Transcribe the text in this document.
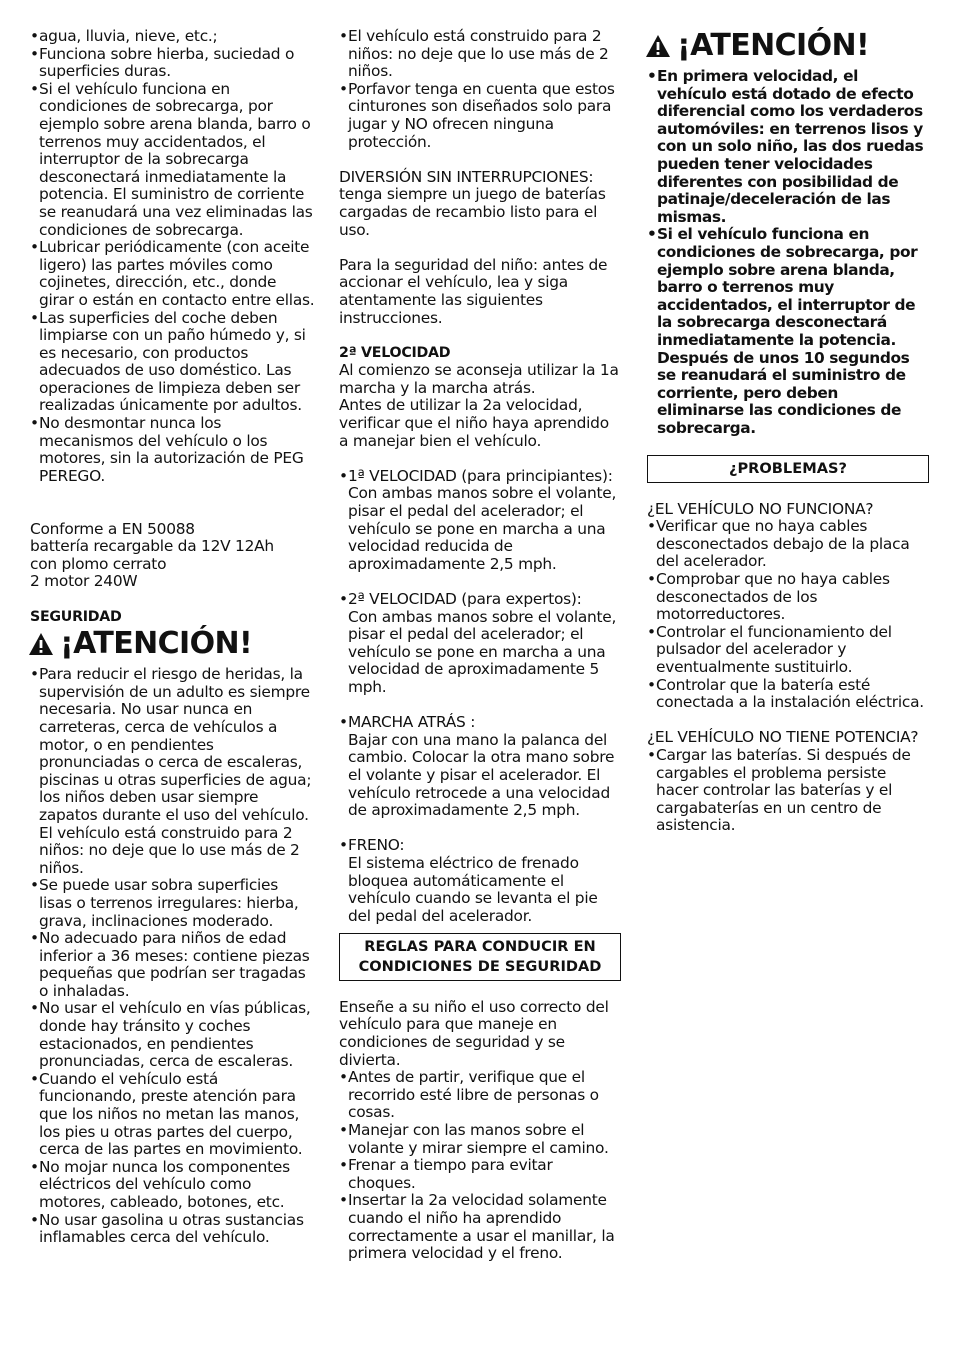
• agua, lluvia, nieve, etc.;
• Funciona sobre hierba, suciedad o superficies duras.
• Si el vehículo funciona en condiciones de sobrecarga, por ejemplo sobre arena blanda, barro o terrenos muy accidentados, el interruptor de la sobrecarga desconectará inmediatamente la potencia. El suministro de corriente se reanudará una vez eliminadas las condiciones de sobrecarga.
• Lubricar periódicamente (con aceite ligero) las partes móviles como cojinetes, dirección, etc., donde girar o están en contacto entre ellas.
• Las superficies del coche deben limpiarse con un paño húmedo y, si es necesario, con productos adecuados de uso doméstico. Las operaciones de limpieza deben ser realizadas únicamente por adultos.
• No desmontar nunca los mecanismos del vehículo o los motores, sin la autorización de PEG PEREGO.

Conforme a EN 50088

battería recargable da 12V 12Ah

con plomo cerrato

2 motor 240W

SEGURIDAD

¡ATENCIÓN!
• Para reducir el riesgo de heridas, la supervisión de un adulto es siempre necesaria. No usar nunca en carreteras, cerca de vehículos a motor, o en pendientes pronunciadas o cerca de escaleras, piscinas u otras superficies de agua; los niños deben usar siempre zapatos durante el uso del vehículo. El vehículo está construido para 2 niños: no deje que lo use más de 2 niños.
• Se puede usar sobra superficies lisas o terrenos irregulares: hierba, grava, inclinaciones moderado.
• No adecuado para niños de edad inferior a 36 meses: contiene piezas pequeñas que podrían ser tragadas o inhaladas.
• No usar el vehículo en vías públicas, donde hay tránsito y coches estacionados, en pendientes pronunciadas, cerca de escaleras.
• Cuando el vehículo está funcionando, preste atención para que los niños no metan las manos, los pies u otras partes del cuerpo, cerca de las partes en movimiento.
• No mojar nunca los componentes eléctricos del vehículo como motores, cableado, botones, etc.
• No usar gasolina u otras sustancias inflamables cerca del vehículo.
• El vehículo está construido para 2 niños: no deje que lo use más de 2 niños.
• Porfavor tenga en cuenta que estos cinturones son diseñados solo para jugar y NO ofrecen ninguna protección.

DIVERSIÓN SIN INTERRUPCIONES: tenga siempre un juego de baterías cargadas de recambio listo para el uso.

Para la seguridad del niño: antes de accionar el vehículo, lea y siga atentamente las siguientes instrucciones.

2ª VELOCIDAD

Al comienzo se aconseja utilizar la 1a marcha y la marcha atrás.

Antes de utilizar la 2a velocidad, verificar que el niño haya aprendido a manejar bien el vehículo.

• 1ª VELOCIDAD (para principiantes):
Con ambas manos sobre el volante, pisar el pedal del acelerador; el vehículo se pone en marcha a una velocidad reducida de aproximadamente 2,5 mph.
• 2ª VELOCIDAD (para expertos):
Con ambas manos sobre el volante, pisar el pedal del acelerador; el vehículo se pone en marcha a una velocidad de aproximadamente 5 mph.
• MARCHA ATRÁS :
Bajar con una mano la palanca del cambio. Colocar la otra mano sobre el volante y pisar el acelerador. El vehículo retrocede a una velocidad de aproximadamente 2,5 mph.
• FRENO:
El sistema eléctrico de frenado bloquea automáticamente el vehículo cuando se levanta el pie del pedal del acelerador.
REGLAS PARA CONDUCIR EN
CONDICIONES DE SEGURIDAD

Enseñe a su niño el uso correcto del vehículo para que maneje en condiciones de seguridad y se divierta.

• Antes de partir, verifique que el recorrido esté libre de personas o cosas.
• Manejar con las manos sobre el volante y mirar siempre el camino.
• Frenar a tiempo para evitar choques.
• Insertar la 2a velocidad solamente cuando el niño ha aprendido correctamente a usar el manillar, la primera velocidad y el freno.
¡ATENCIÓN!
• En primera velocidad, el vehículo está dotado de efecto diferencial como los verdaderos automóviles: en terrenos lisos y con un solo niño, las dos ruedas pueden tener velocidades diferentes con posibilidad de patinaje/deceleración de las mismas.
• Si el vehículo funciona en condiciones de sobrecarga, por ejemplo sobre arena blanda, barro o terrenos muy accidentados, el interruptor de la sobrecarga desconectará inmediatamente la potencia. Después de unos 10 segundos se reanudará el suministro de corriente, pero deben eliminarse las condiciones de sobrecarga.
¿PROBLEMAS?

¿EL VEHÍCULO NO FUNCIONA?

• Verificar que no haya cables desconectados debajo de la placa del acelerador.
• Comprobar que no haya cables desconectados de los motorreductores.
• Controlar el funcionamiento del pulsador del acelerador y eventualmente sustituirlo.
• Controlar que la batería esté conectada a la instalación eléctrica.

¿EL VEHÍCULO NO TIENE POTENCIA?

• Cargar las baterías. Si después de cargables el problema persiste hacer controlar las baterías y el cargabaterías en un centro de asistencia.
